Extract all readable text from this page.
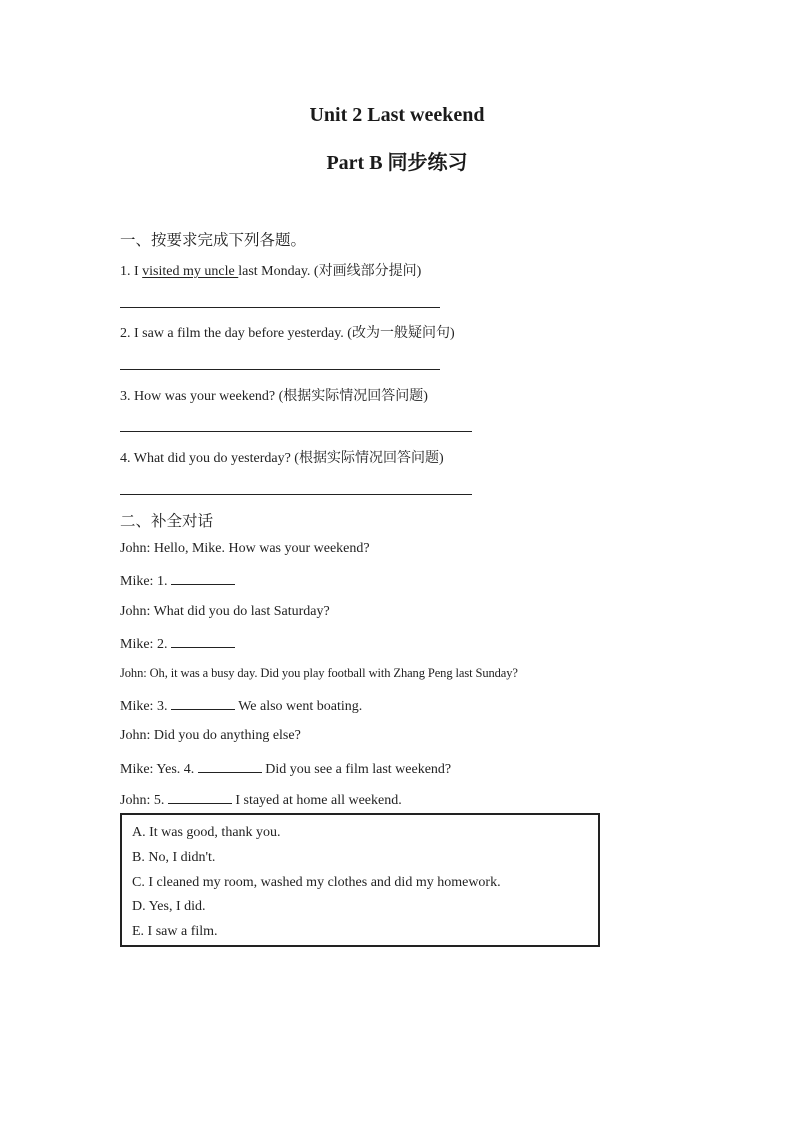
Unit 2 Last weekend
Part B 同步练习
一、按要求完成下列各题。
1. I visited my uncle last Monday. (对画线部分提问)
2. I saw a film the day before yesterday. (改为一般疑问句)
3. How was your weekend? (根据实际情况回答问题)
4. What did you do yesterday? (根据实际情况回答问题)
二、补全对话
John: Hello, Mike. How was your weekend?
Mike: 1.
John: What did you do last Saturday?
Mike: 2.
John: Oh, it was a busy day. Did you play football with Zhang Peng last Sunday?
Mike: 3.	We also went boating.
John: Did you do anything else?
Mike: Yes. 4.	Did you see a film last weekend?
John: 5.	I stayed at home all weekend.
A. It was good, thank you.
B. No, I didn't.
C. I cleaned my room, washed my clothes and did my homework.
D. Yes, I did.
E. I saw a film.
